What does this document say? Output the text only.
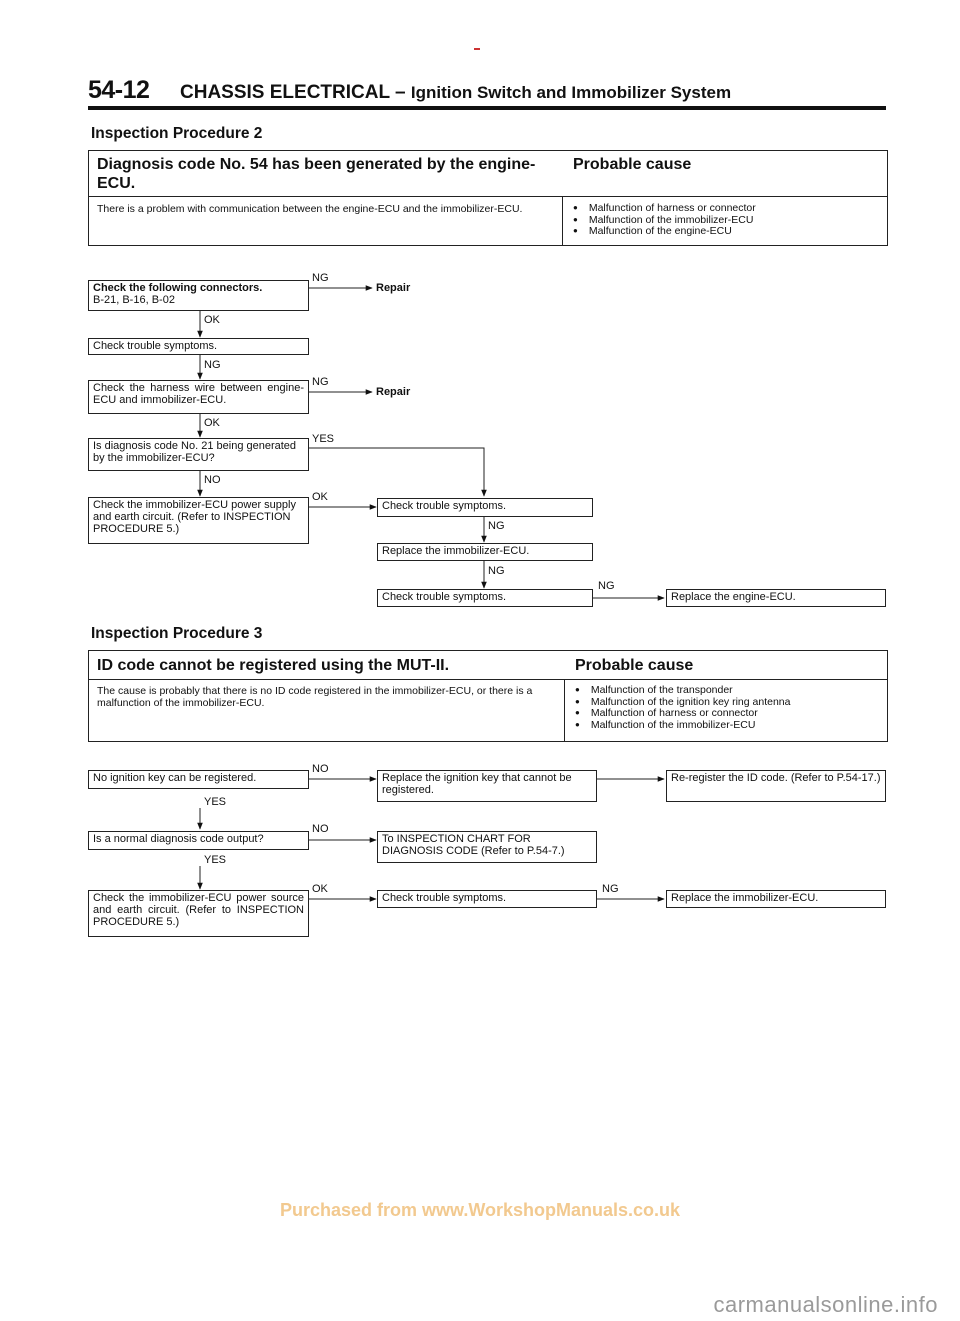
54-12 CHASSIS ELECTRICAL – Ignition Switch and Immobilizer System
Inspection Procedure 2
Diagnosis code No. 54 has been generated by the engine-ECU.
Probable cause
There is a problem with communication between the engine-ECU and the immobilizer-ECU.
●	Malfunction of harness or connector
● Malfunction of the immobilizer-ECU
● Malfunction of the engine-ECU
Check the following connectors.
B-21, B-16, B-02
NG
Repair
OK
Check trouble symptoms.
NG
Check the harness wire between engine-ECU and immobilizer-ECU.
NG
Repair
OK
Is diagnosis code No. 21 being generated by the immobilizer-ECU?
YES
NO
Check the immobilizer-ECU power supply and earth circuit. (Refer to INSPECTION PROCEDURE 5.)
OK
Check trouble symptoms.
NG
Replace the immobilizer-ECU.
NG
Check trouble symptoms.
NG
Replace the engine-ECU.
Inspection Procedure 3
ID code cannot be registered using the MUT-II.	Probable cause
The cause is probably that there is no ID code registered in the immobilizer-ECU, or there is a malfunction of the immobilizer-ECU.
● Malfunction of the transponder
● Malfunction of the ignition key ring antenna
● Malfunction of harness or connector
● Malfunction of the immobilizer-ECU
No ignition key can be registered.
NO
YES
Replace the ignition key that cannot be registered.
Re-register the ID code. (Refer to P.54-17.)
Is a normal diagnosis code output?
NO
YES
To INSPECTION CHART FOR DIAGNOSIS CODE (Refer to P.54-7.)
Check the immobilizer-ECU power source and earth circuit. (Refer to INSPECTION PROCEDURE 5.)
OK
Check trouble symptoms.
NG
Replace the immobilizer-ECU.
Purchased from www.WorkshopManuals.co.uk
carmanualsonline.info
